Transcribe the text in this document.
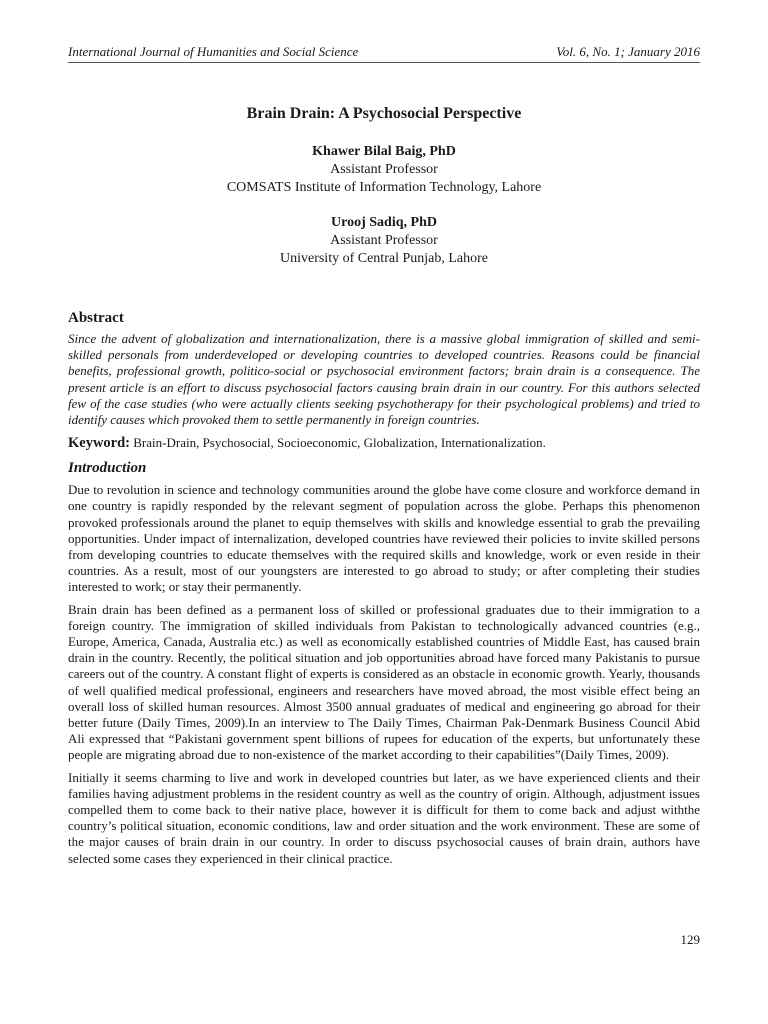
International Journal of Humanities and Social Science	Vol. 6, No. 1; January 2016
Brain Drain: A Psychosocial Perspective
Khawer Bilal Baig, PhD
Assistant Professor
COMSATS Institute of Information Technology, Lahore
Urooj Sadiq, PhD
Assistant Professor
University of Central Punjab, Lahore
Abstract
Since the advent of globalization and internationalization, there is a massive global immigration of skilled and semi-skilled personals from underdeveloped or developing countries to developed countries. Reasons could be financial benefits, professional growth, politico-social or psychosocial environment factors; brain drain is a consequence. The present article is an effort to discuss psychosocial factors causing brain drain in our country. For this authors selected few of the case studies (who were actually clients seeking psychotherapy for their psychological problems) and tried to identify causes which provoked them to settle permanently in foreign countries.
Keyword: Brain-Drain, Psychosocial, Socioeconomic, Globalization, Internationalization.
Introduction

Due to revolution in science and technology communities around the globe have come closure and workforce demand in one country is rapidly responded by the relevant segment of population across the globe. Perhaps this phenomenon provoked professionals around the planet to equip themselves with skills and knowledge essential to grab the prevailing opportunities. Under impact of internalization, developed countries have reviewed their policies to invite skilled persons from developing countries to educate themselves with the required skills and knowledge, work or even reside in their countries. As a result, most of our youngsters are interested to go abroad to study; or after completing their studies interested to work; or stay their permanently.

Brain drain has been defined as a permanent loss of skilled or professional graduates due to their immigration to a foreign country. The immigration of skilled individuals from Pakistan to technologically advanced countries (e.g., Europe, America, Canada, Australia etc.) as well as economically established countries of Middle East, has caused brain drain in the country. Recently, the political situation and job opportunities abroad have forced many Pakistanis to pursue careers out of the country. A constant flight of experts is considered as an obstacle in economic growth. Yearly, thousands of well qualified medical professional, engineers and researchers have moved abroad, the most visible effect being an overall loss of skilled human resources. Almost 3500 annual graduates of medical and engineering go abroad for their better future (Daily Times, 2009).In an interview to The Daily Times, Chairman Pak-Denmark Business Council Abid Ali expressed that “Pakistani government spent billions of rupees for education of the experts, but unfortunately these people are migrating abroad due to non-existence of the market according to their capabilities”(Daily Times, 2009).

Initially it seems charming to live and work in developed countries but later, as we have experienced clients and their families having adjustment problems in the resident country as well as the country of origin. Although, adjustment issues compelled them to come back to their native place, however it is difficult for them to come back and adjust withthe country’s political situation, economic conditions, law and order situation and the work environment. These are some of the major causes of brain drain in our country. In order to discuss psychosocial causes of brain drain, authors have selected some cases they experienced in their clinical practice.

129
